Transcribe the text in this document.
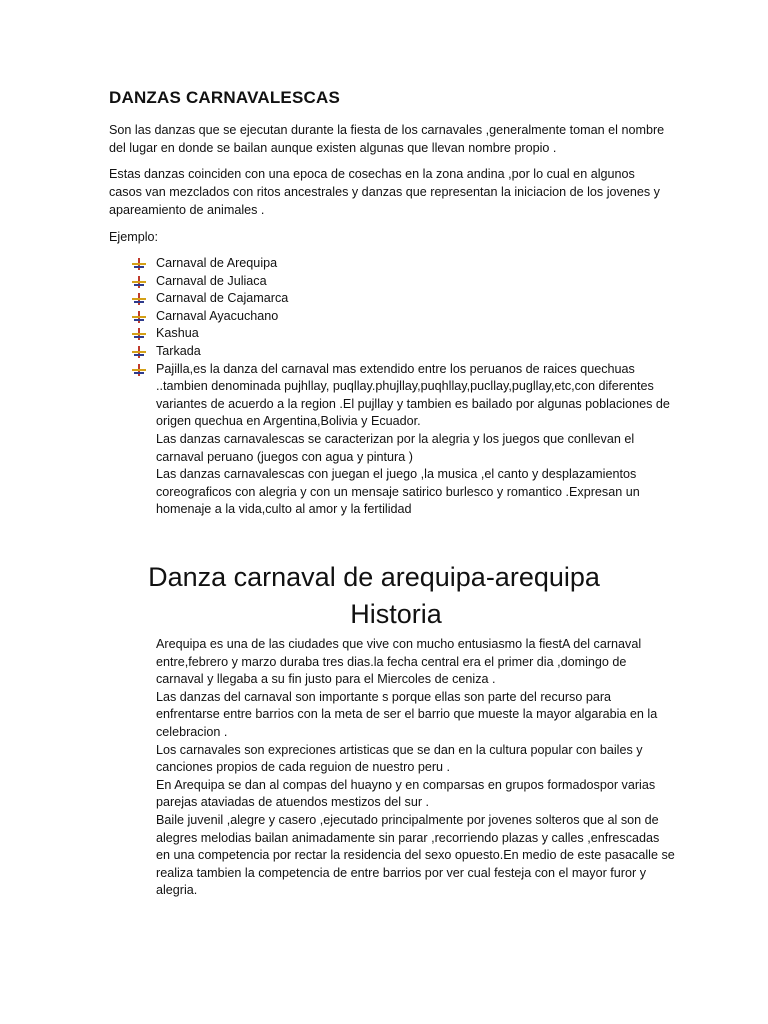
DANZAS CARNAVALESCAS
Son las danzas que se ejecutan durante la fiesta de los carnavales ,generalmente toman el nombre del lugar en donde se bailan aunque existen algunas que llevan nombre propio .
Estas danzas coinciden con una epoca de cosechas en la zona andina ,por lo cual en algunos casos van mezclados con ritos ancestrales y danzas que representan la iniciacion de los jovenes y apareamiento de animales .
Ejemplo:
Carnaval de Arequipa
Carnaval de Juliaca
Carnaval de Cajamarca
Carnaval Ayacuchano
Kashua
Tarkada
Pajilla,es la danza del carnaval mas extendido entre los peruanos de raices quechuas ..tambien denominada pujhllay, puqllay.phujllay,puqhllay,pucllay,pugllay,etc,con diferentes variantes de acuerdo a la region .El pujllay y tambien es bailado por algunas poblaciones de origen quechua en Argentina,Bolivia y Ecuador.
Las danzas carnavalescas se caracterizan por la alegria y los juegos que conllevan el carnaval peruano (juegos con agua y pintura )
Las danzas carnavalescas con juegan el juego ,la musica ,el canto y desplazamientos coreograficos con alegria y con un mensaje satirico burlesco y romantico .Expresan un homenaje a la vida,culto al amor y la fertilidad
Danza carnaval de arequipa-arequipa
Historia
Arequipa es una de las ciudades que vive con mucho entusiasmo la fiestA del carnaval entre,febrero y marzo duraba tres dias.la fecha central era el primer dia ,domingo de carnaval y llegaba a su fin justo para el Miercoles de ceniza .
Las danzas del carnaval son importante s porque ellas son parte del recurso para enfrentarse entre barrios con la meta de ser el barrio que mueste la mayor algarabia en la celebracion .
Los carnavales son expreciones artisticas que se dan en la cultura popular con bailes y canciones propios de cada reguion de nuestro peru .
En Arequipa se dan al compas del huayno y en comparsas en grupos formadospor varias parejas ataviadas de atuendos mestizos del sur .
Baile juvenil ,alegre y casero ,ejecutado principalmente por jovenes solteros que al son de alegres melodias bailan animadamente sin parar ,recorriendo plazas y calles ,enfrescadas en una competencia por rectar la residencia del sexo opuesto.En medio de este pasacalle se realiza tambien la competencia de entre barrios por ver cual festeja con el mayor furor y alegria.
